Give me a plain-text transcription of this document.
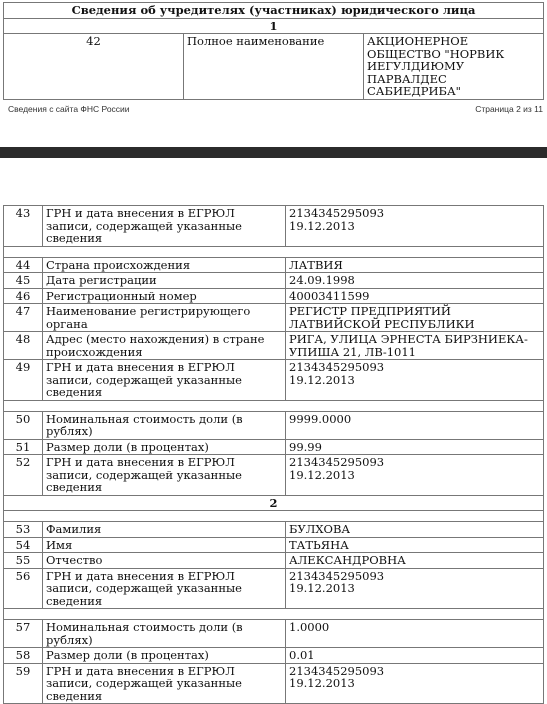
Сведения об учредителях (участниках) юридического лица
1
42	Полное наименование	АКЦИОНЕРНОЕ ОБЩЕСТВО "НОРВИК ИЕГУЛДИЮМУ ПАРВАЛДЕС САБИЕДРИБА"
Сведения с сайта ФНС России	Страница 2 из 11
43	ГРН и дата внесения в ЕГРЮЛ записи, содержащей указанные сведения	2134345295093
19.12.2013

44	Страна происхождения	ЛАТВИЯ
45	Дата регистрации	24.09.1998
46	Регистрационный номер	40003411599
47	Наименование регистрирующего органа	РЕГИСТР ПРЕДПРИЯТИЙ ЛАТВИЙСКОЙ РЕСПУБЛИКИ
48	Адрес (место нахождения) в стране происхождения	РИГА, УЛИЦА ЭРНЕСТА БИРЗНИЕКА-УПИША 21, ЛВ-1011
49	ГРН и дата внесения в ЕГРЮЛ записи, содержащей указанные сведения	2134345295093
19.12.2013

50	Номинальная стоимость доли (в рублях)	9999.0000
51	Размер доли (в процентах)	99.99
52	ГРН и дата внесения в ЕГРЮЛ записи, содержащей указанные сведения	2134345295093
19.12.2013
2		

53	Фамилия	БУЛХОВА
54	Имя	ТАТЬЯНА
55	Отчество	АЛЕКСАНДРОВНА
56	ГРН и дата внесения в ЕГРЮЛ записи, содержащей указанные сведения	2134345295093
19.12.2013

57	Номинальная стоимость доли (в рублях)	1.0000
58	Размер доли (в процентах)	0.01
59	ГРН и дата внесения в ЕГРЮЛ записи, содержащей указанные сведения	2134345295093
19.12.2013
